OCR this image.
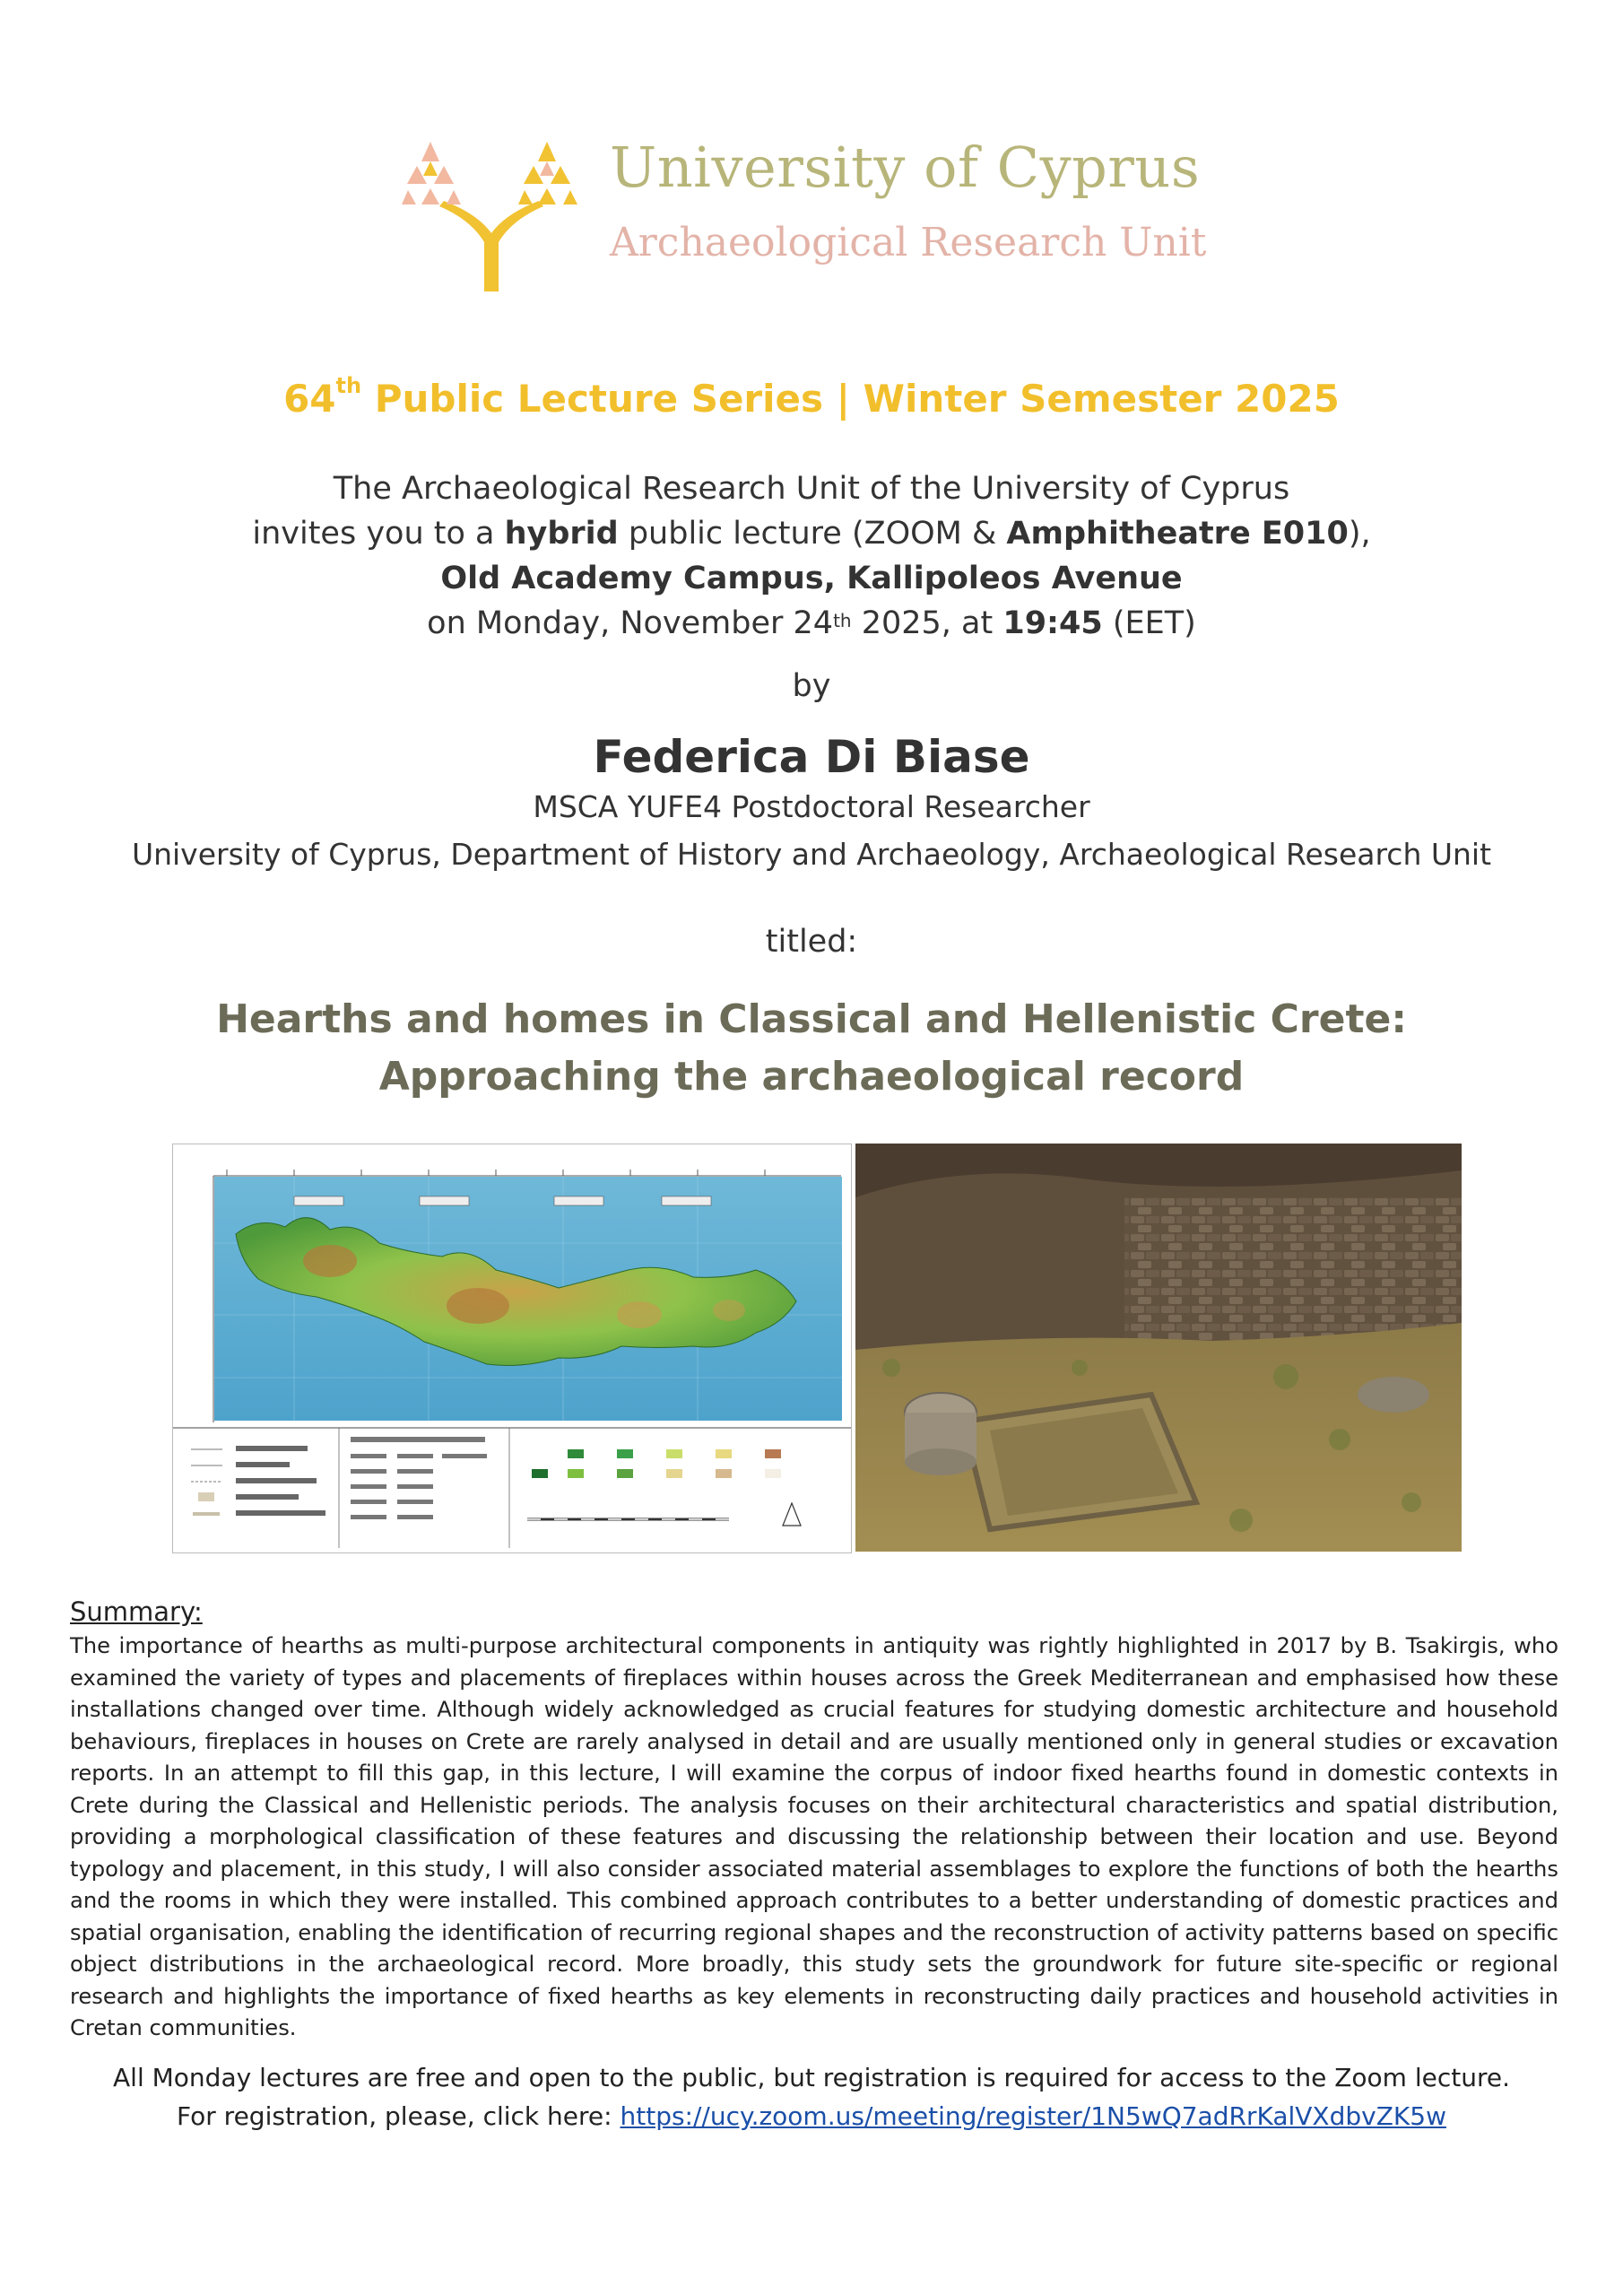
University of Cyprus
Archaeological Research Unit
64th Public Lecture Series | Winter Semester 2025
The Archaeological Research Unit of the University of Cyprus
invites you to a hybrid public lecture (ZOOM & Amphitheatre E010),
Old Academy Campus, Kallipoleos Avenue
on Monday, November 24th 2025, at 19:45 (EET)
by
Federica Di Biase
MSCA YUFE4 Postdoctoral Researcher
University of Cyprus, Department of History and Archaeology, Archaeological Research Unit
titled:
Hearths and homes in Classical and Hellenistic Crete:
Approaching the archaeological record
Summary:
The importance of hearths as multi-purpose architectural components in antiquity was rightly highlighted in 2017 by B. Tsakirgis, who examined the variety of types and placements of fireplaces within houses across the Greek Mediterranean and emphasised how these installations changed over time. Although widely acknowledged as crucial features for studying domestic architecture and household behaviours, fireplaces in houses on Crete are rarely analysed in detail and are usually mentioned only in general studies or excavation reports. In an attempt to fill this gap, in this lecture, I will examine the corpus of indoor fixed hearths found in domestic contexts in Crete during the Classical and Hellenistic periods. The analysis focuses on their architectural characteristics and spatial distribution, providing a morphological classification of these features and discussing the relationship between their location and use. Beyond typology and placement, in this study, I will also consider associated material assemblages to explore the functions of both the hearths and the rooms in which they were installed. This combined approach contributes to a better understanding of domestic practices and spatial organisation, enabling the identification of recurring regional shapes and the reconstruction of activity patterns based on specific object distributions in the archaeological record. More broadly, this study sets the groundwork for future site-specific or regional research and highlights the importance of fixed hearths as key elements in reconstructing daily practices and household activities in Cretan communities.
All Monday lectures are free and open to the public, but registration is required for access to the Zoom lecture.
For registration, please, click here: https://ucy.zoom.us/meeting/register/1N5wQ7adRrKalVXdbvZK5w
